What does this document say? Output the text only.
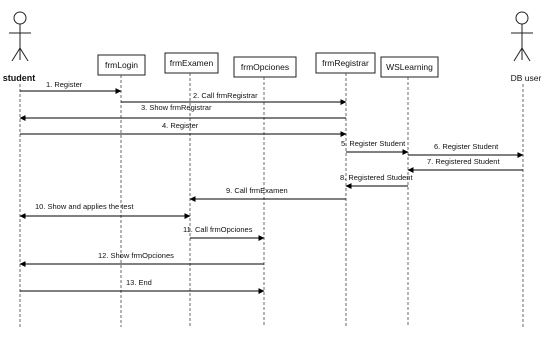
student	DB user
frmLogin	frmExamen	frmOpciones	frmRegistrar WSLearning
1. Register
2. Call frmRegistrar
3. Show frmRegistrar
4. Register
5. Register Student	6. Register Student
7. Registered Student
8. Registered Student
9. Call frmExamen
10. Show and applies the test
11. Call frmOpciones
12. Show frmOpciones
13. End
